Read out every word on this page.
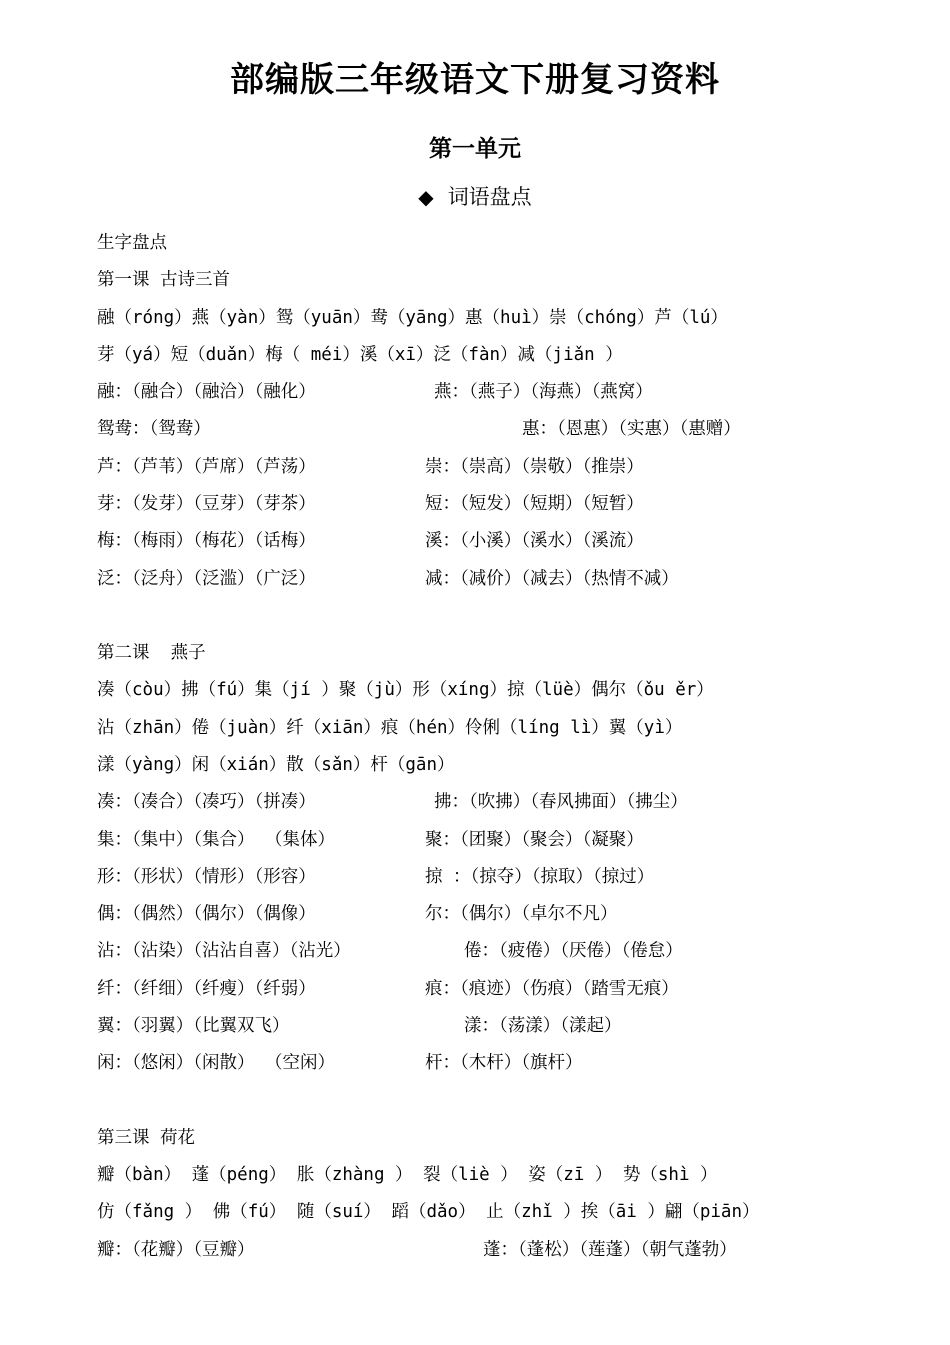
部编版三年级语文下册复习资料
第一单元
◆ 词语盘点
生字盘点
第一课 古诗三首
融（róng）燕（yàn）鸳（yuān）鸯（yāng）惠（huì）崇（chóng）芦（lú）
芽（yá）短（duǎn）梅（ méi）溪（xī）泛（fàn）减（jiǎn ）
融：（融合）（融洽）（融化）	燕：（燕子）（海燕）（燕窝）
鸳鸯：（鸳鸯）	惠：（恩惠）（实惠）（惠赠）
芦：（芦苇）（芦席）（芦荡）	崇：（崇高）（崇敬）（推崇）
芽：（发芽）（豆芽）（芽茶）	短：（短发）（短期）（短暂）
梅：（梅雨）（梅花）（话梅）	溪：（小溪）（溪水）（溪流）
泛：（泛舟）（泛滥）（广泛）	减：（减价）（减去）（热情不减）
第二课  燕子
凑（còu）拂（fú）集（jí ）聚（jù）形（xíng）掠（lüè）偶尔（ǒu ěr）
沾（zhān）倦（juàn）纤（xiān）痕（hén）伶俐（líng lì）翼（yì）
漾（yàng）闲（xián）散（sǎn）杆（gān）
凑：（凑合）（凑巧）（拼凑）	拂：（吹拂）（春风拂面）（拂尘）
集：（集中）（集合） （集体）	聚：（团聚）（聚会）（凝聚）
形：（形状）（情形）（形容）	掠 ：（掠夺）（掠取）（掠过）
偶：（偶然）（偶尔）（偶像）	尔：（偶尔）（卓尔不凡）
沾：（沾染）（沾沾自喜）（沾光）	倦：（疲倦）（厌倦）（倦怠）
纤：（纤细）（纤瘦）（纤弱）	痕：（痕迹）（伤痕）（踏雪无痕）
翼：（羽翼）（比翼双飞）	漾：（荡漾）（漾起）
闲：（悠闲）（闲散） （空闲）	杆：（木杆）（旗杆）
第三课 荷花
瓣（bàn） 蓬（péng） 胀（zhàng ） 裂（liè ） 姿（zī ） 势（shì ）
仿（fǎng ） 佛（fú） 随（suí） 蹈（dǎo） 止（zhǐ ）挨（āi ）翩（piān）
瓣：（花瓣）（豆瓣）	蓬：（蓬松）（莲蓬）（朝气蓬勃）
